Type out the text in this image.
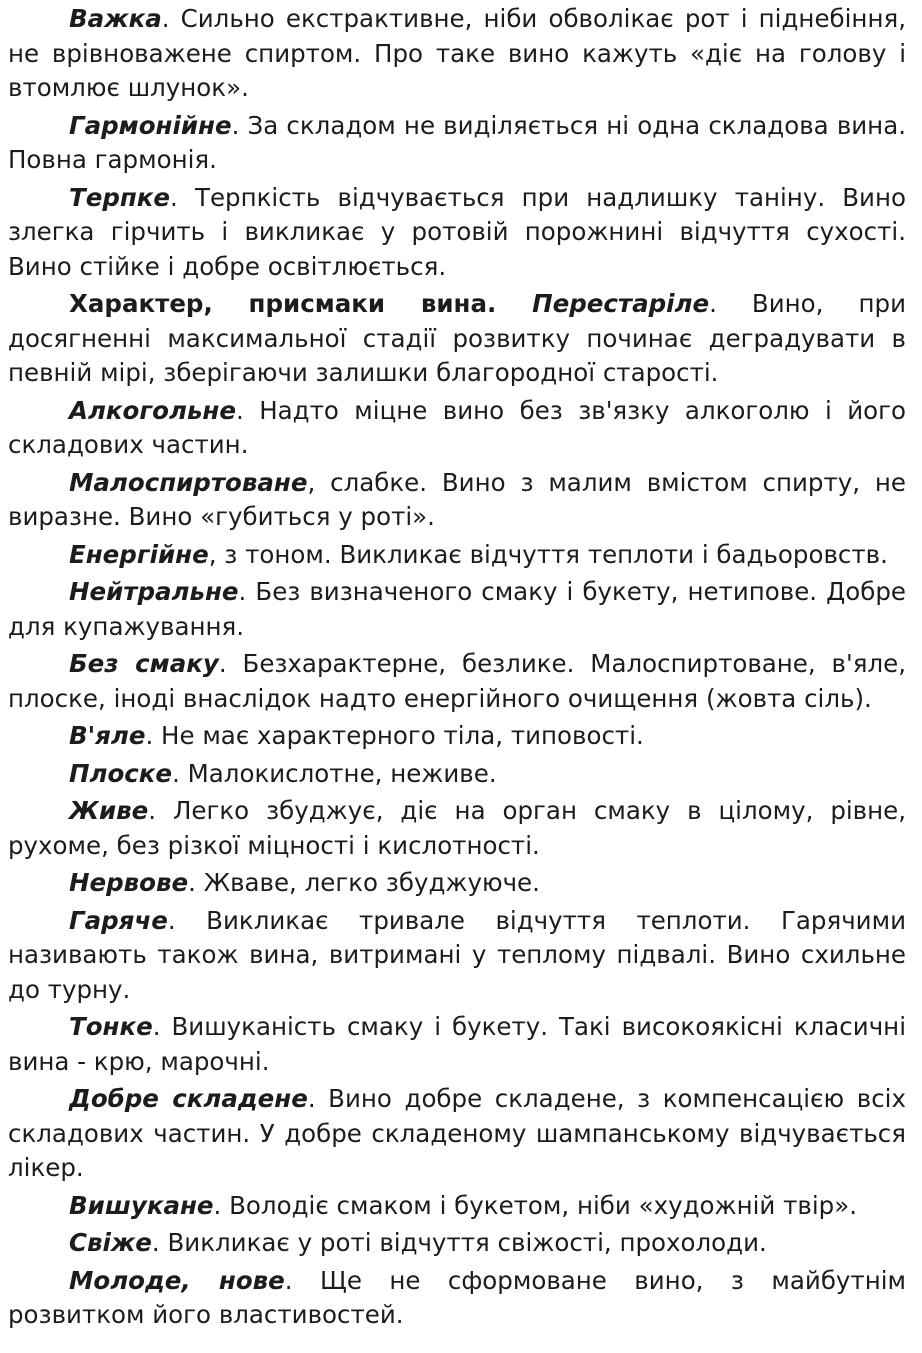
Важка. Сильно екстрактивне, ніби обволікає рот і піднебіння, не врівноважене спиртом. Про таке вино кажуть «діє на голову і втомлює шлунок».

Гармонійне. За складом не виділяється ні одна складова вина. Повна гармонія.

Терпке. Терпкість відчувається при надлишку таніну. Вино злегка гірчить і викликає у ротовій порожнині відчуття сухості. Вино стійке і добре освітлюється.

Характер, присмаки вина. Перестаріле. Вино, при досягненні максимальної стадії розвитку починає деградувати в певній мірі, зберігаючи залишки благородної старості.

Алкогольне. Надто міцне вино без зв'язку алкоголю і його складових частин.

Малоспиртоване, слабке. Вино з малим вмістом спирту, не виразне. Вино «губиться у роті».

Енергійне, з тоном. Викликає відчуття теплоти і бадьоровств.

Нейтральне. Без визначеного смаку і букету, нетипове. Добре для купажування.

Без смаку. Безхарактерне, безлике. Малоспиртоване, в'яле, плоске, іноді внаслідок надто енергійного очищення (жовта сіль).

В'яле. Не має характерного тіла, типовості.

Плоске. Малокислотне, неживе.

Живе. Легко збуджує, діє на орган смаку в цілому, рівне, рухоме, без різкої міцності і кислотності.

Нервове. Жваве, легко збуджуюче.

Гаряче. Викликає тривале відчуття теплоти. Гарячими називають також вина, витримані у теплому підвалі. Вино схильне до турну.

Тонке. Вишуканість смаку і букету. Такі високоякісні класичні вина - крю, марочні.

Добре складене. Вино добре складене, з компенсацією всіх складових частин. У добре складеному шампанському відчувається лікер.

Вишукане. Володіє смаком і букетом, ніби «художній твір».

Свіже. Викликає у роті відчуття свіжості, прохолоди.

Молоде, нове. Ще не сформоване вино, з майбутнім розвитком його властивостей.
